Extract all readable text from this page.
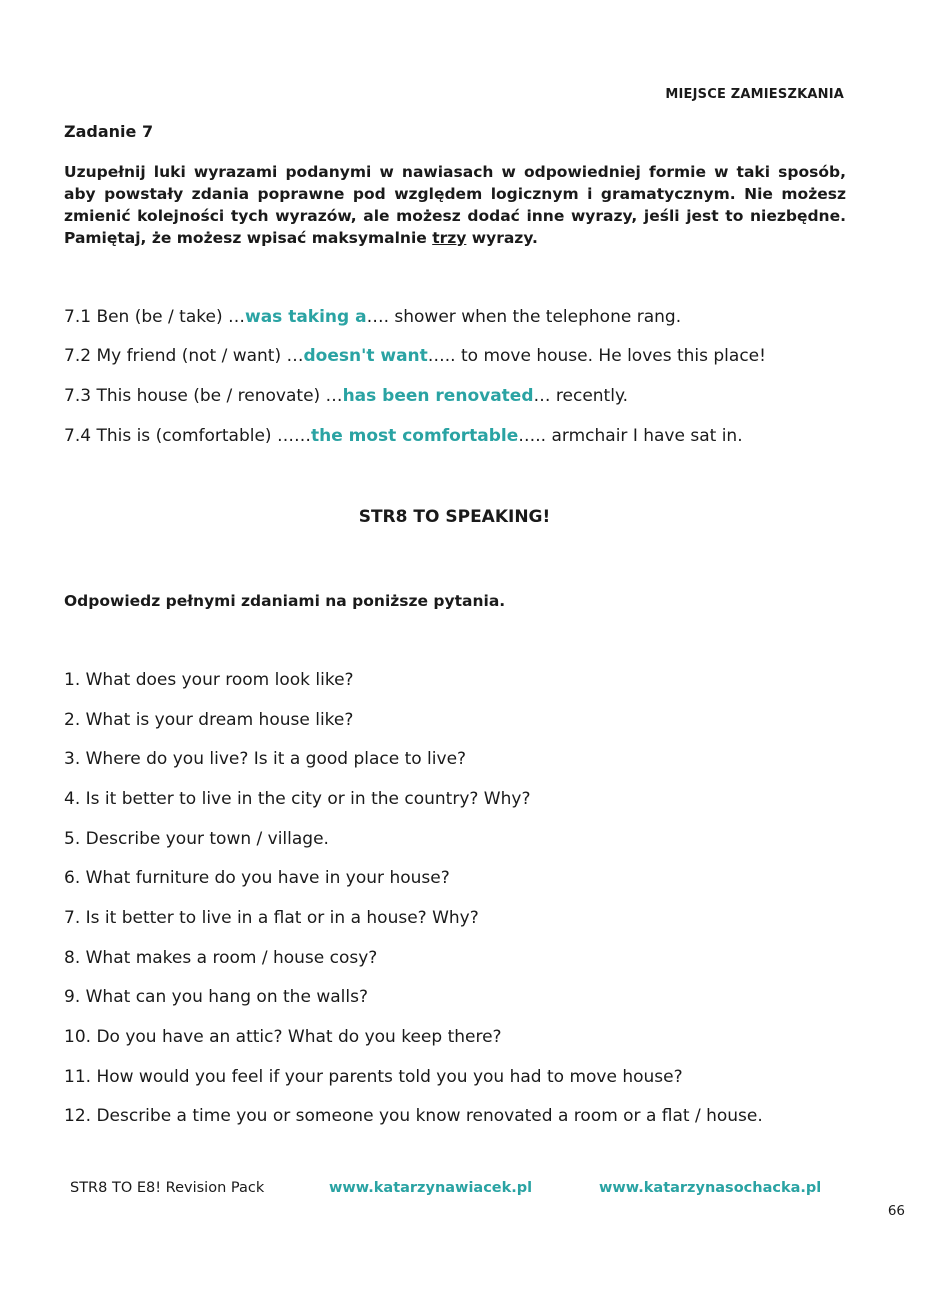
MIEJSCE ZAMIESZKANIA
Zadanie 7
Uzupełnij luki wyrazami podanymi w nawiasach w odpowiedniej formie w taki sposób, aby powstały zdania poprawne pod względem logicznym i gramatycznym. Nie możesz zmienić kolejności tych wyrazów, ale możesz dodać inne wyrazy, jeśli jest to niezbędne. Pamiętaj, że możesz wpisać maksymalnie trzy wyrazy.
7.1 Ben (be / take) …was taking a…. shower when the telephone rang.
7.2 My friend (not / want) …doesn't want….. to move house. He loves this place!
7.3 This house (be / renovate) …has been renovated… recently.
7.4 This is (comfortable) ……the most comfortable….. armchair I have sat in.
STR8 TO SPEAKING!
Odpowiedz pełnymi zdaniami na poniższe pytania.
1. What does your room look like?
2. What is your dream house like?
3. Where do you live? Is it a good place to live?
4. Is it better to live in the city or in the country? Why?
5. Describe your town / village.
6. What furniture do you have in your house?
7. Is it better to live in a flat or in a house? Why?
8. What makes a room / house cosy?
9. What can you hang on the walls?
10. Do you have an attic? What do you keep there?
11. How would you feel if your parents told you you had to move house?
12. Describe a time you or someone you know renovated a room or a flat / house.
STR8 TO E8! Revision Pack	www.katarzynawiacek.pl	www.katarzynasochacka.pl
66
